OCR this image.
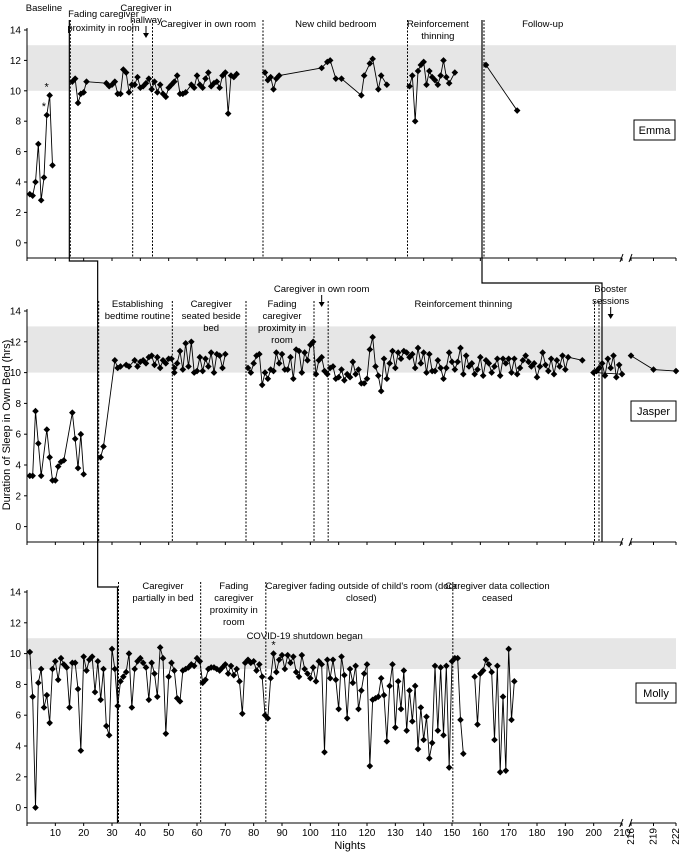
0
2
4
6
8
10
12
14
0
2
4
6
8
10
12
14
0
2
4
6
8
10
12
14
10 20 30 40 50 60 70 80 90 100 110 120 130 140 150 160 170 180 190 200 210
216 219 222
Duration of Sleep in Own Bed (hrs)
Nights
Baseline
Fading caregiver proximity in room
Caregiver in hallway
Caregiver in own room	New child bedroom	Reinforcement thinning
Follow-up
*
*
Emma
Establishing bedtime routine
Caregiver seated beside bed
Fading caregiver proximity in room
Caregiver in own room
Reinforcement thinning
Booster sessions
Jasper
Caregiver partially in bed
Fading caregiver proximity in room
Caregiver fading outside of child's room (door closed)
COVID-19 shutdown began
Caregiver data collection ceased
*
Molly
